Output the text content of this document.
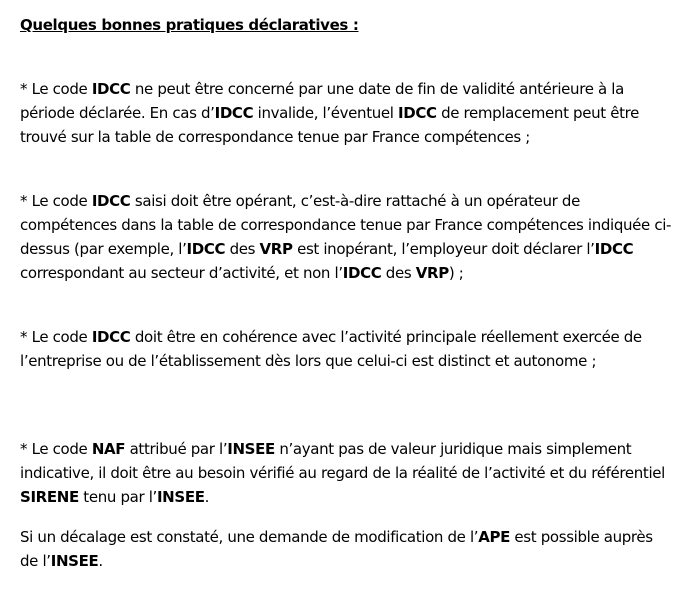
Quelques bonnes pratiques déclaratives :

* Le code IDCC ne peut être concerné par une date de fin de validité antérieure à la période déclarée. En cas d’IDCC invalide, l’éventuel IDCC de remplacement peut être trouvé sur la table de correspondance tenue par France compétences ;

* Le code IDCC saisi doit être opérant, c’est-à-dire rattaché à un opérateur de compétences dans la table de correspondance tenue par France compétences indiquée ci-dessus (par exemple, l’IDCC des VRP est inopérant, l’employeur doit déclarer l’IDCC correspondant au secteur d’activité, et non l’IDCC des VRP) ;

* Le code IDCC doit être en cohérence avec l’activité principale réellement exercée de l’entreprise ou de l’établissement dès lors que celui-ci est distinct et autonome ;

* Le code NAF attribué par l’INSEE n’ayant pas de valeur juridique mais simplement indicative, il doit être au besoin vérifié au regard de la réalité de l’activité et du référentiel SIRENE tenu par l’INSEE.

Si un décalage est constaté, une demande de modification de l’APE est possible auprès de l’INSEE.
